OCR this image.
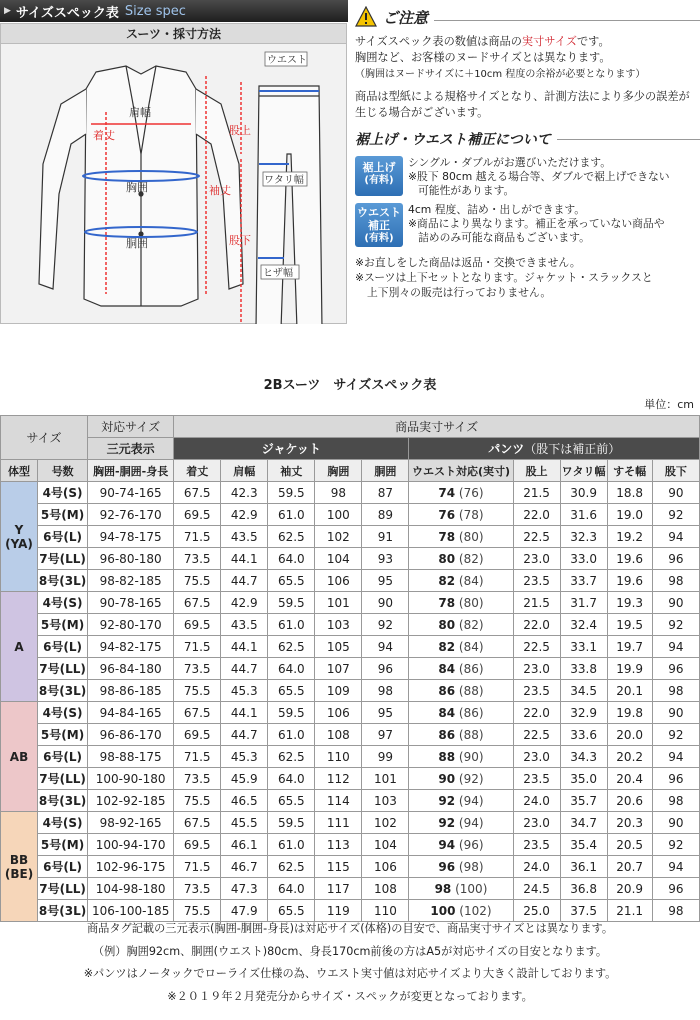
▶ サイズスペック表 Size spec
スーツ・採寸方法
肩幅
着丈
胸囲
胴囲
袖丈
ウエスト
股上
股下
ワタリ幅
ヒザ幅
ご注意
サイズスペック表の数値は商品の実寸サイズです。
胸囲など、お客様のヌードサイズとは異なります。
（胸囲はヌードサイズに＋10cm 程度の余裕が必要となります）
商品は型紙による規格サイズとなり、計測方法により多少の誤差が生じる場合がございます。
裾上げ・ウエスト補正について
裾上げ
(有料)
シングル・ダブルがお選びいただけます。
※股下 80cm 越える場合等、ダブルで裾上げできない
可能性があります。
ウエスト
補正
(有料)
4cm 程度、詰め・出しができます。
※商品により異なります。補正を承っていない商品や
詰めのみ可能な商品もございます。
※お直しをした商品は返品・交換できません。
※スーツは上下セットとなります。ジャケット・スラックスと
上下別々の販売は行っておりません。
2Bスーツ　サイズスペック表
単位：cm
サイズ		対応サイズ	商品実寸サイズ									
		三元表示	ジャケット					パンツ（股下は補正前）				
体型	号数	胸囲-胴囲-身長	着丈	肩幅	袖丈	胸囲	胴囲	ウエスト対応(実寸)	股上	ワタリ幅	すそ幅	股下
Y
(YA)	4号(S)	90-74-165	67.5	42.3	59.5	98	87	74 (76)	21.5	30.9	18.8	90
	5号(M)	92-76-170	69.5	42.9	61.0	100	89	76 (78)	22.0	31.6	19.0	92
	6号(L)	94-78-175	71.5	43.5	62.5	102	91	78 (80)	22.5	32.3	19.2	94
	7号(LL)	96-80-180	73.5	44.1	64.0	104	93	80 (82)	23.0	33.0	19.6	96
	8号(3L)	98-82-185	75.5	44.7	65.5	106	95	82 (84)	23.5	33.7	19.6	98
A	4号(S)	90-78-165	67.5	42.9	59.5	101	90	78 (80)	21.5	31.7	19.3	90
	5号(M)	92-80-170	69.5	43.5	61.0	103	92	80 (82)	22.0	32.4	19.5	92
	6号(L)	94-82-175	71.5	44.1	62.5	105	94	82 (84)	22.5	33.1	19.7	94
	7号(LL)	96-84-180	73.5	44.7	64.0	107	96	84 (86)	23.0	33.8	19.9	96
	8号(3L)	98-86-185	75.5	45.3	65.5	109	98	86 (88)	23.5	34.5	20.1	98
AB	4号(S)	94-84-165	67.5	44.1	59.5	106	95	84 (86)	22.0	32.9	19.8	90
	5号(M)	96-86-170	69.5	44.7	61.0	108	97	86 (88)	22.5	33.6	20.0	92
	6号(L)	98-88-175	71.5	45.3	62.5	110	99	88 (90)	23.0	34.3	20.2	94
	7号(LL)	100-90-180	73.5	45.9	64.0	112	101	90 (92)	23.5	35.0	20.4	96
	8号(3L)	102-92-185	75.5	46.5	65.5	114	103	92 (94)	24.0	35.7	20.6	98
BB
(BE)	4号(S)	98-92-165	67.5	45.5	59.5	111	102	92 (94)	23.0	34.7	20.3	90
	5号(M)	100-94-170	69.5	46.1	61.0	113	104	94 (96)	23.5	35.4	20.5	92
	6号(L)	102-96-175	71.5	46.7	62.5	115	106	96 (98)	24.0	36.1	20.7	94
	7号(LL)	104-98-180	73.5	47.3	64.0	117	108	98 (100)	24.5	36.8	20.9	96
	8号(3L)	106-100-185	75.5	47.9	65.5	119	110	100 (102)	25.0	37.5	21.1	98
商品タグ記載の三元表示(胸囲-胴囲-身長)は対応サイズ(体格)の目安で、商品実寸サイズとは異なります。
（例）胸囲92cm、胴囲(ウエスト)80cm、身長170cm前後の方はA5が対応サイズの目安となります。
※パンツはノータックでローライズ仕様の為、ウエスト実寸値は対応サイズより大きく設計しております。
※２０１９年２月発売分からサイズ・スペックが変更となっております。
